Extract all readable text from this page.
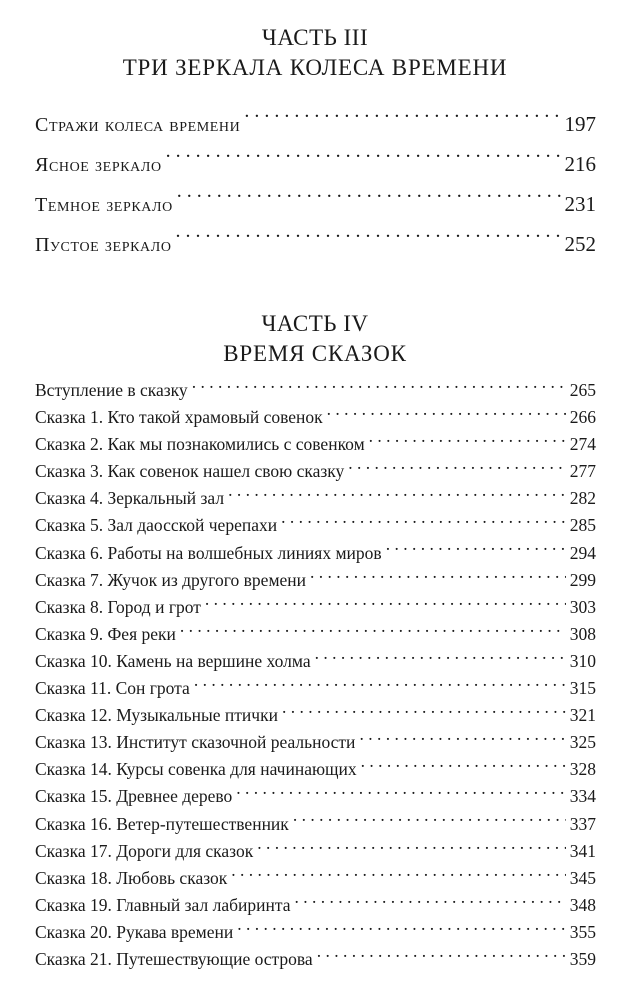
ЧАСТЬ III
ТРИ ЗЕРКАЛА КОЛЕСА ВРЕМЕНИ
Стражи колеса времени . . .	197
Ясное зеркало . . .	216
Темное зеркало . . .	231
Пустое зеркало . . .	252
ЧАСТЬ IV
ВРЕМЯ СКАЗОК
Вступление в сказку . . .	265
Сказка 1. Кто такой храмовый совенок . . .	266
Сказка 2. Как мы познакомились с совенком . . .	274
Сказка 3. Как совенок нашел свою сказку . . .	277
Сказка 4. Зеркальный зал . . .	282
Сказка 5. Зал даосской черепахи . . .	285
Сказка 6. Работы на волшебных линиях миров . . .	294
Сказка 7. Жучок из другого времени . . .	299
Сказка 8. Город и грот . . .	303
Сказка 9. Фея реки . . .	308
Сказка 10. Камень на вершине холма . . .	310
Сказка 11. Сон грота . . .	315
Сказка 12. Музыкальные птички . . .	321
Сказка 13. Институт сказочной реальности . . .	325
Сказка 14. Курсы совенка для начинающих . . .	328
Сказка 15. Древнее дерево . . .	334
Сказка 16. Ветер-путешественник . . .	337
Сказка 17. Дороги для сказок . . .	341
Сказка 18. Любовь сказок . . .	345
Сказка 19. Главный зал лабиринта . . .	348
Сказка 20. Рукава времени . . .	355
Сказка 21. Путешествующие острова . . .	359
